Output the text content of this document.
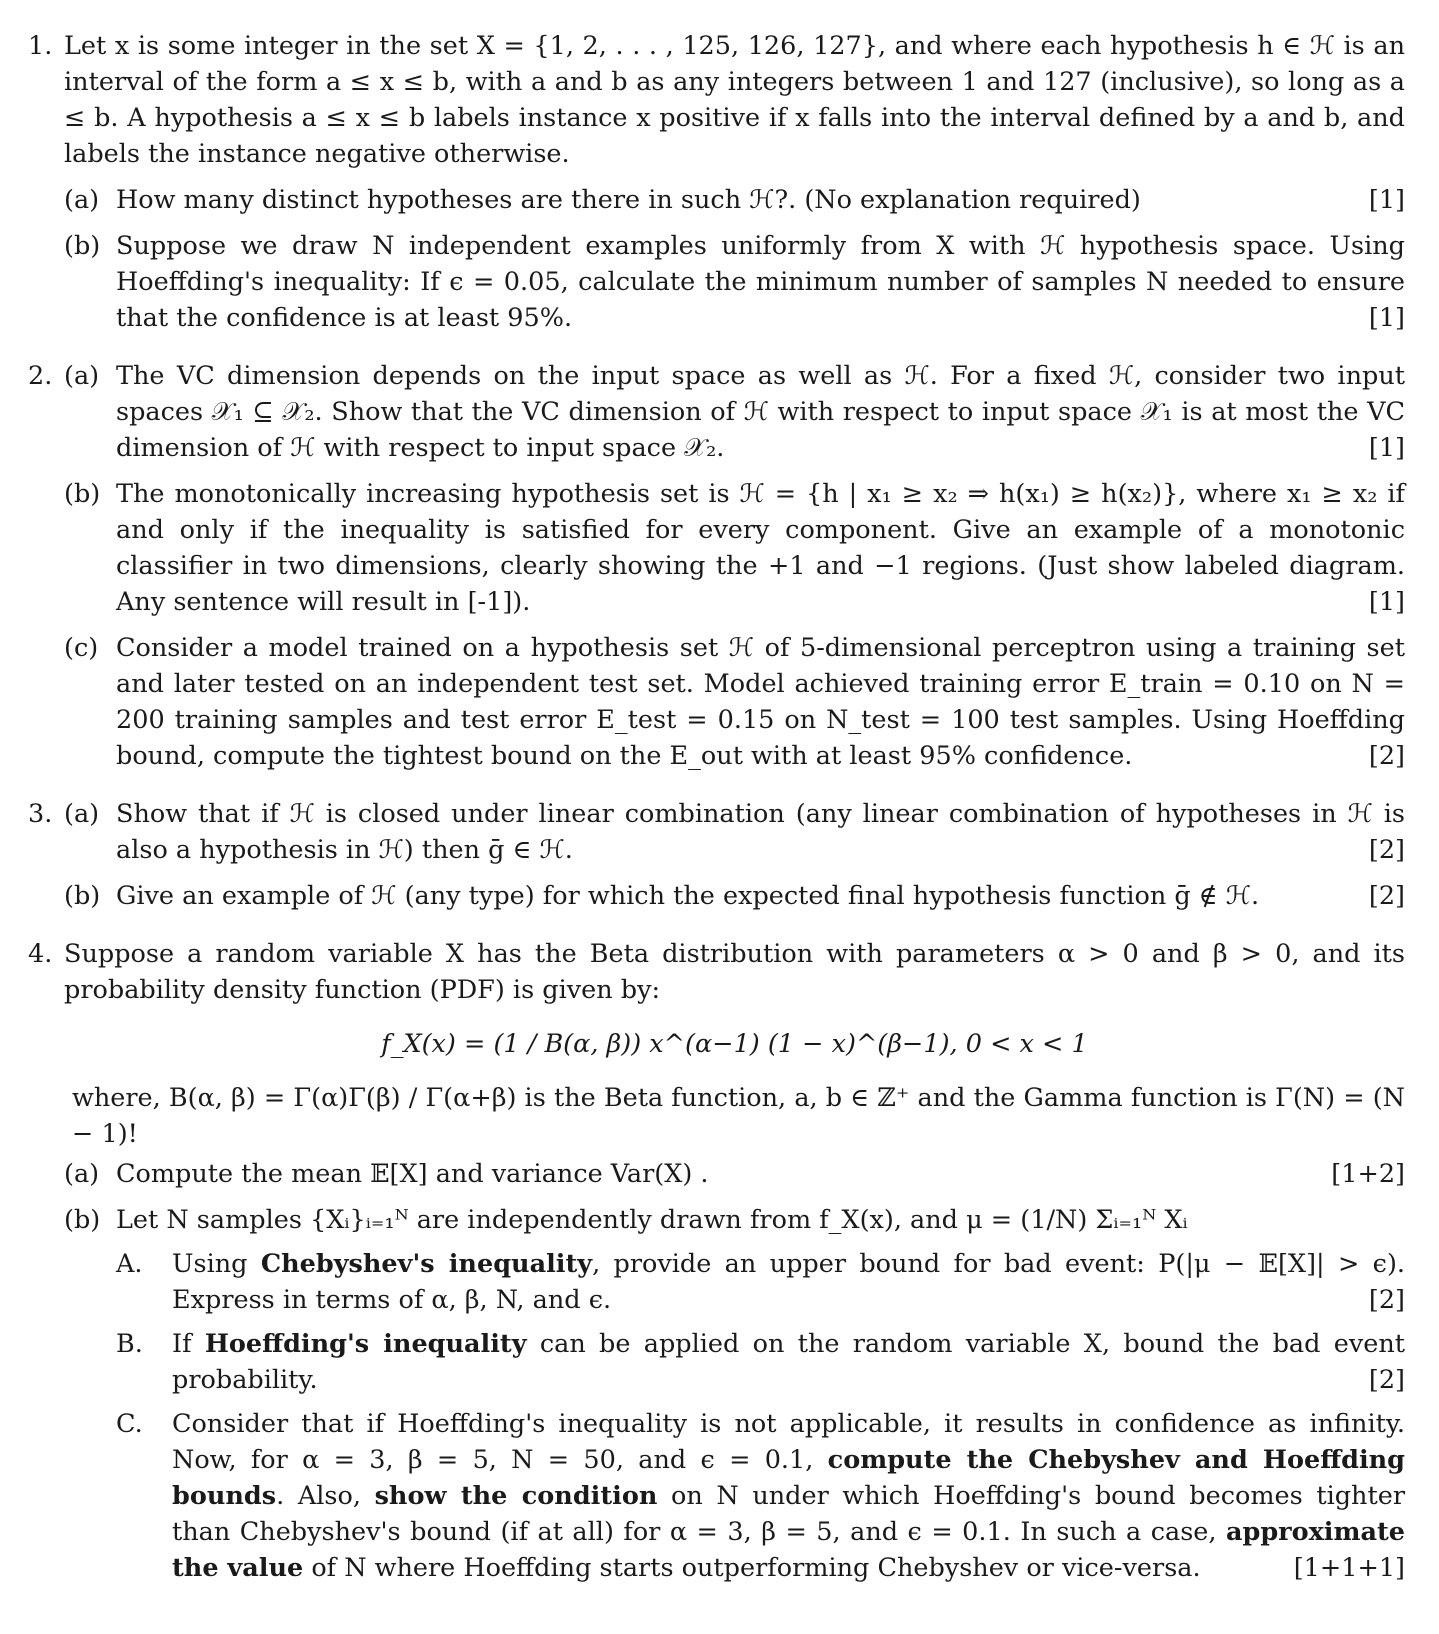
1. Let x is some integer in the set X = {1, 2, . . . , 125, 126, 127}, and where each hypothesis h ∈ ℋ is an interval of the form a ≤ x ≤ b, with a and b as any integers between 1 and 127 (inclusive), so long as a ≤ b. A hypothesis a ≤ x ≤ b labels instance x positive if x falls into the interval defined by a and b, and labels the instance negative otherwise.
(a)	[1]
How many distinct hypotheses are there in such ℋ?. (No explanation required)
(b) Suppose we draw N independent examples uniformly from X with ℋ hypothesis space. Using Hoeffding's inequality: If ϵ = 0.05, calculate the minimum number of samples N needed to ensure that the confidence is at least 95%.	[1]
2. (a) The VC dimension depends on the input space as well as ℋ. For a fixed ℋ, consider two input spaces 𝒳₁ ⊆ 𝒳₂. Show that the VC dimension of ℋ with respect to input space 𝒳₁ is at most the VC dimension of ℋ with respect to input space 𝒳₂.	[1]
(b) The monotonically increasing hypothesis set is ℋ = {h | x₁ ≥ x₂ ⇒ h(x₁) ≥ h(x₂)}, where x₁ ≥ x₂ if and only if the inequality is satisfied for every component. Give an example of a monotonic classifier in two dimensions, clearly showing the +1 and −1 regions. (Just show labeled diagram. Any sentence will result in [-1]).	[1]
(c) Consider a model trained on a hypothesis set ℋ of 5-dimensional perceptron using a training set and later tested on an independent test set. Model achieved training error E_train = 0.10 on N = 200 training samples and test error E_test = 0.15 on N_test = 100 test samples. Using Hoeffding bound, compute the tightest bound on the E_out with at least 95% confidence.	[2]
3. (a) Show that if ℋ is closed under linear combination (any linear combination of hypotheses in ℋ is also a hypothesis in ℋ) then ḡ ∈ ℋ.	[2]
(b)	[2]
Give an example of ℋ (any type) for which the expected final hypothesis function ḡ ∉ ℋ.
4. Suppose a random variable X has the Beta distribution with parameters α > 0 and β > 0, and its probability density function (PDF) is given by:
f_X(x) = (1 / B(α, β)) x^(α−1) (1 − x)^(β−1), 0 < x < 1
where, B(α, β) = Γ(α)Γ(β) / Γ(α+β) is the Beta function, a, b ∈ ℤ⁺ and the Gamma function is Γ(N) = (N − 1)!
(a)	[1+2]
Compute the mean 𝔼[X] and variance Var(X) .
(b) Let N samples {Xᵢ}ᵢ₌₁ᴺ are independently drawn from f_X(x), and μ = (1/N) Σᵢ₌₁ᴺ Xᵢ
A.	Using Chebyshev's inequality, provide an upper bound for bad event: P(|μ − 𝔼[X]| > ϵ). Express in terms of α, β, N, and ϵ.	[2]
B.	If Hoeffding's inequality can be applied on the random variable X, bound the bad event probability.	[2]
C.	Consider that if Hoeffding's inequality is not applicable, it results in confidence as infinity. Now, for α = 3, β = 5, N = 50, and ϵ = 0.1, compute the Chebyshev and Hoeffding bounds. Also, show the condition on N under which Hoeffding's bound becomes tighter than Chebyshev's bound (if at all) for α = 3, β = 5, and ϵ = 0.1. In such a case, approximate the value of N where Hoeffding starts outperforming Chebyshev or vice-versa.	[1+1+1]
